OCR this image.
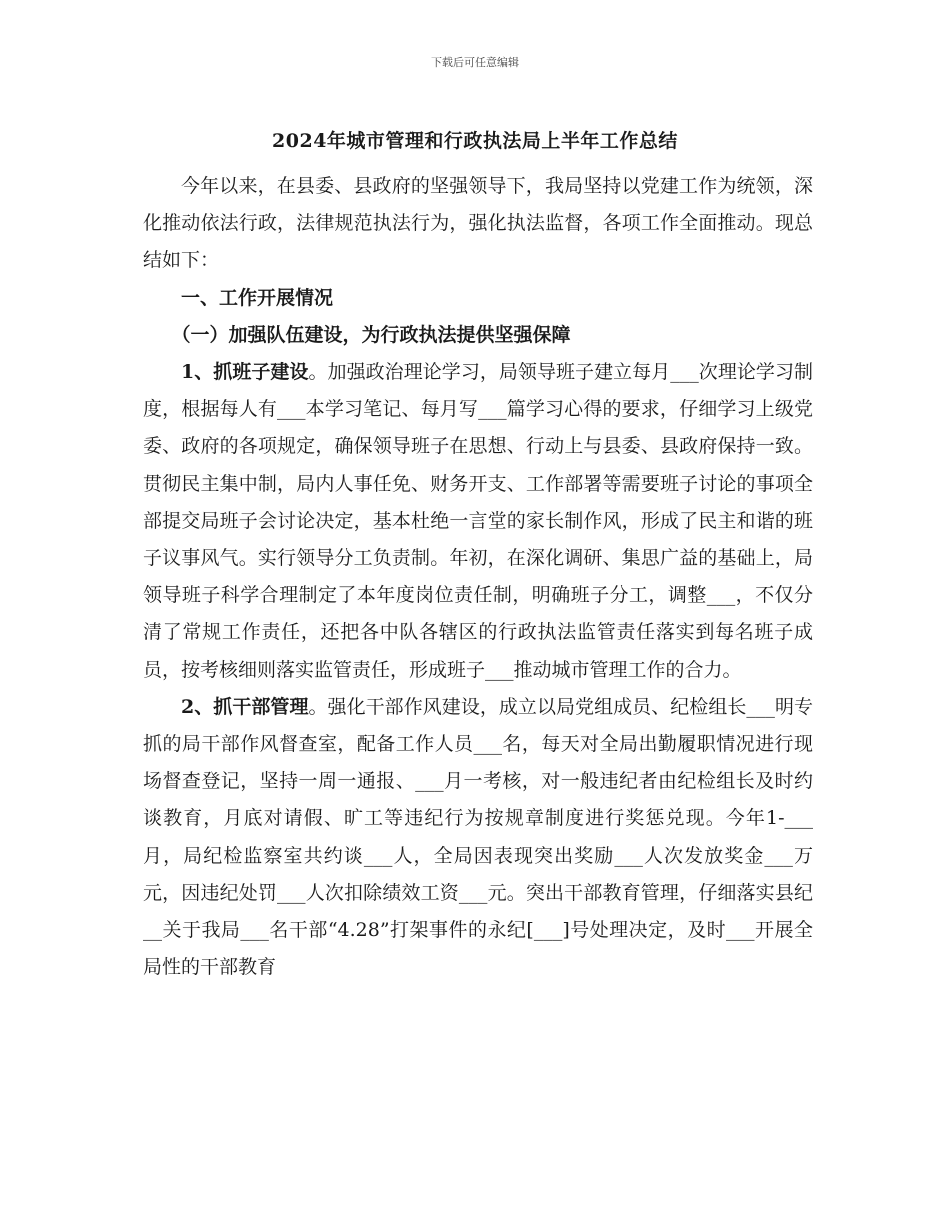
下载后可任意编辑
2024年城市管理和行政执法局上半年工作总结

今年以来，在县委、县政府的坚强领导下，我局坚持以党建工作为统领，深化推动依法行政，法律规范执法行为，强化执法监督，各项工作全面推动。现总结如下：

一、工作开展情况

（一）加强队伍建设，为行政执法提供坚强保障

1、抓班子建设。加强政治理论学习，局领导班子建立每月___次理论学习制度，根据每人有___本学习笔记、每月写___篇学习心得的要求，仔细学习上级党委、政府的各项规定，确保领导班子在思想、行动上与县委、县政府保持一致。贯彻民主集中制，局内人事任免、财务开支、工作部署等需要班子讨论的事项全部提交局班子会讨论决定，基本杜绝一言堂的家长制作风，形成了民主和谐的班子议事风气。实行领导分工负责制。年初，在深化调研、集思广益的基础上，局领导班子科学合理制定了本年度岗位责任制，明确班子分工，调整___，不仅分清了常规工作责任，还把各中队各辖区的行政执法监管责任落实到每名班子成员，按考核细则落实监管责任，形成班子___推动城市管理工作的合力。

2、抓干部管理。强化干部作风建设，成立以局党组成员、纪检组长___明专抓的局干部作风督查室，配备工作人员___名，每天对全局出勤履职情况进行现场督查登记，坚持一周一通报、___月一考核，对一般违纪者由纪检组长及时约谈教育，月底对请假、旷工等违纪行为按规章制度进行奖惩兑现。今年1-___月，局纪检监察室共约谈___人，全局因表现突出奖励___人次发放奖金___万元，因违纪处罚___人次扣除绩效工资___元。突出干部教育管理，仔细落实县纪__关于我局___名干部“4.28”打架事件的永纪[___]号处理决定，及时___开展全局性的干部教育
